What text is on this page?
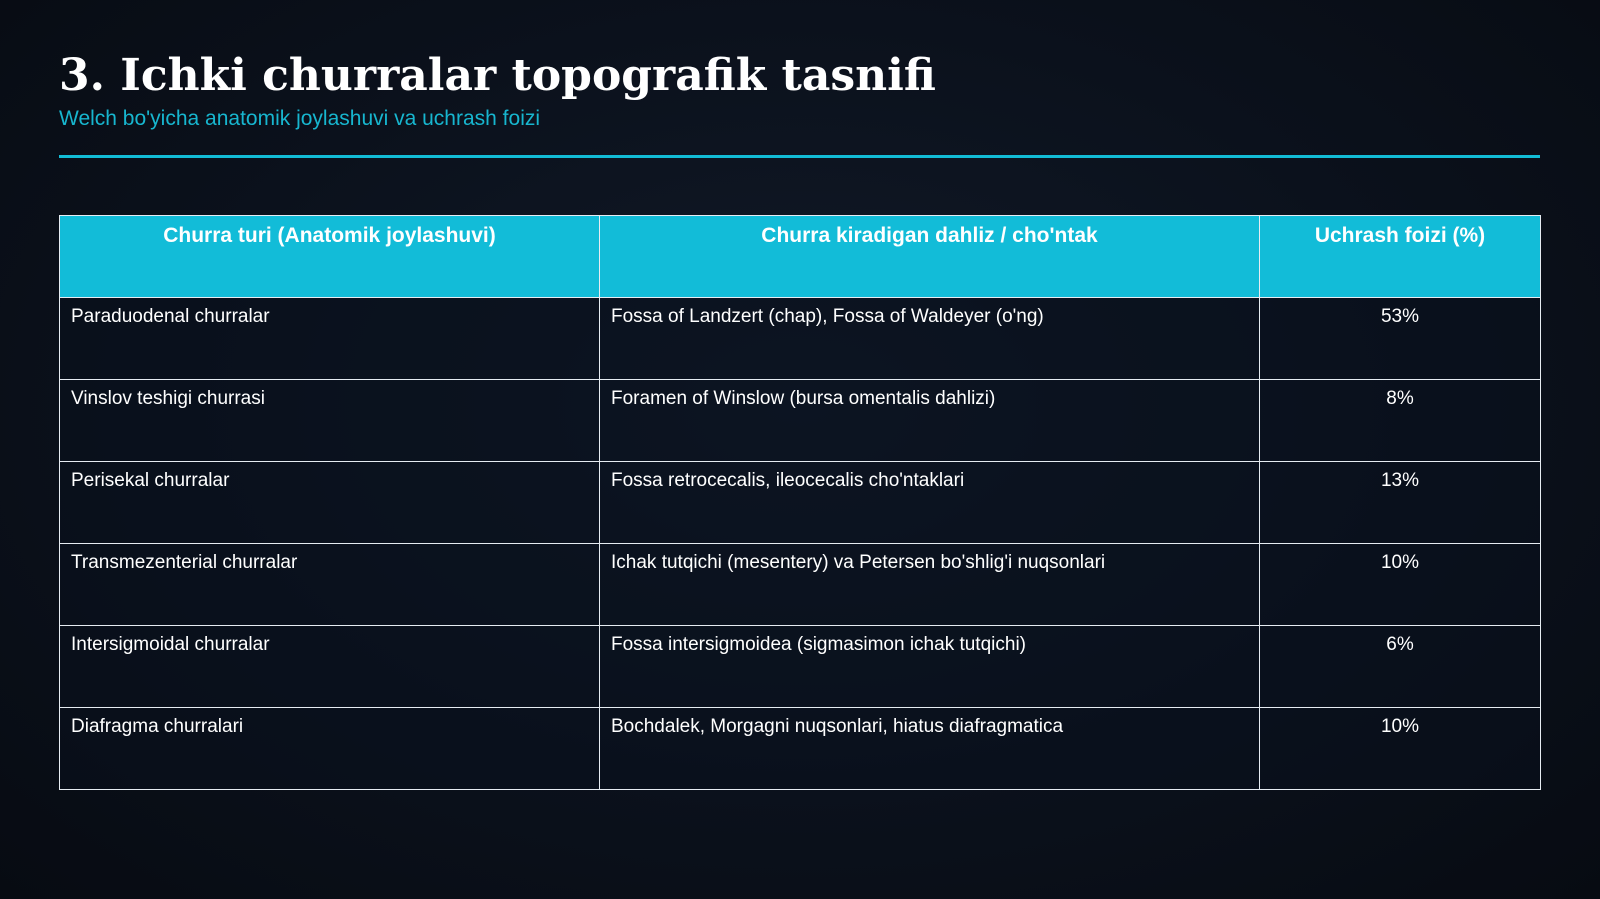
3. Ichki churralar topografik tasnifi
Welch bo'yicha anatomik joylashuvi va uchrash foizi
Churra turi (Anatomik joylashuvi)	Churra kiradigan dahliz / cho'ntak	Uchrash foizi (%)
Paraduodenal churralar	Fossa of Landzert (chap), Fossa of Waldeyer (o'ng)	53%
Vinslov teshigi churrasi	Foramen of Winslow (bursa omentalis dahlizi)	8%
Perisekal churralar	Fossa retrocecalis, ileocecalis cho'ntaklari	13%
Transmezenterial churralar	Ichak tutqichi (mesentery) va Petersen bo'shlig'i nuqsonlari	10%
Intersigmoidal churralar	Fossa intersigmoidea (sigmasimon ichak tutqichi)	6%
Diafragma churralari	Bochdalek, Morgagni nuqsonlari, hiatus diafragmatica	10%
